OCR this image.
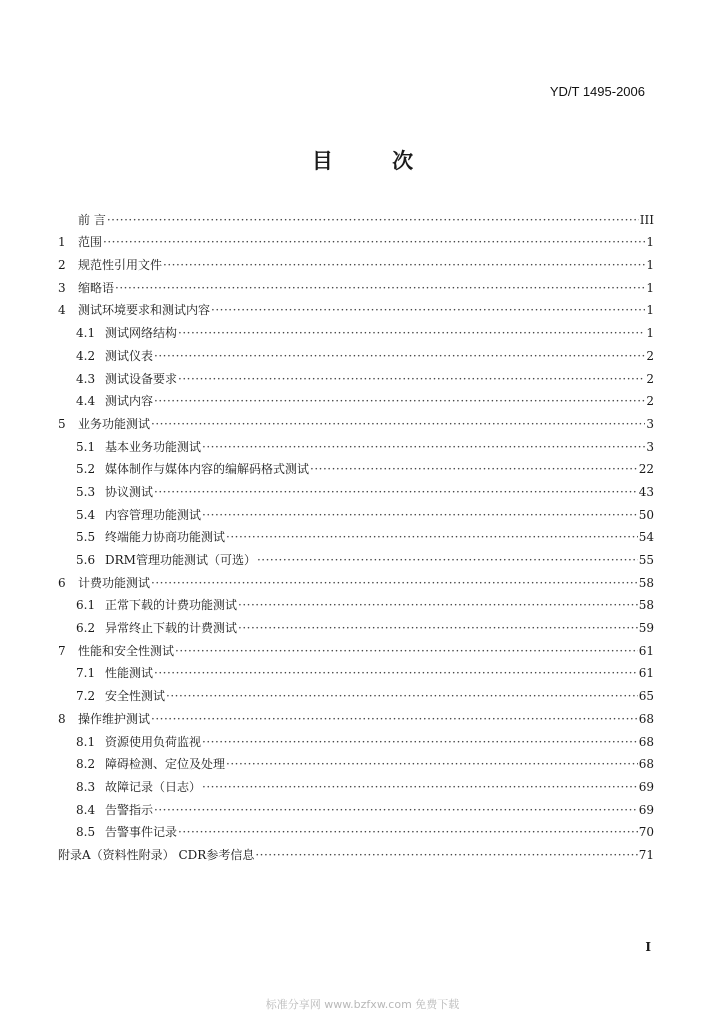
YD/T 1495-2006
目 次
前 言 ·····	III
1	范围 ·····	1
2	规范性引用文件 ·····	1
3	缩略语 ·····	1
4	测试环境要求和测试内容 ·····	1
4.1 测试网络结构 ·····	1
4.2 测试仪表 ·····	2
4.3 测试设备要求 ·····	2
4.4 测试内容 ·····	2
5	业务功能测试 ·····	3
5.1 基本业务功能测试 ·····	3
5.2 媒体制作与媒体内容的编解码格式测试 ·····	22
5.3 协议测试 ·····	43
5.4 内容管理功能测试 ·····	50
5.5 终端能力协商功能测试 ·····	54
5.6 DRM管理功能测试（可选） ·····	55
6	计费功能测试 ·····	58
6.1 正常下载的计费功能测试 ·····	58
6.2 异常终止下载的计费测试 ·····	59
7	性能和安全性测试 ·····	61
7.1 性能测试 ·····	61
7.2 安全性测试 ·····	65
8	操作维护测试 ·····	68
8.1 资源使用负荷监视 ·····	68
8.2 障碍检测、定位及处理 ·····	68
8.3 故障记录（日志） ·····	69
8.4 告警指示 ·····	69
8.5 告警事件记录 ·····	70
附录A（资料性附录） CDR参考信息 ·····	71
I
标准分享网 www.bzfxw.com 免费下载
